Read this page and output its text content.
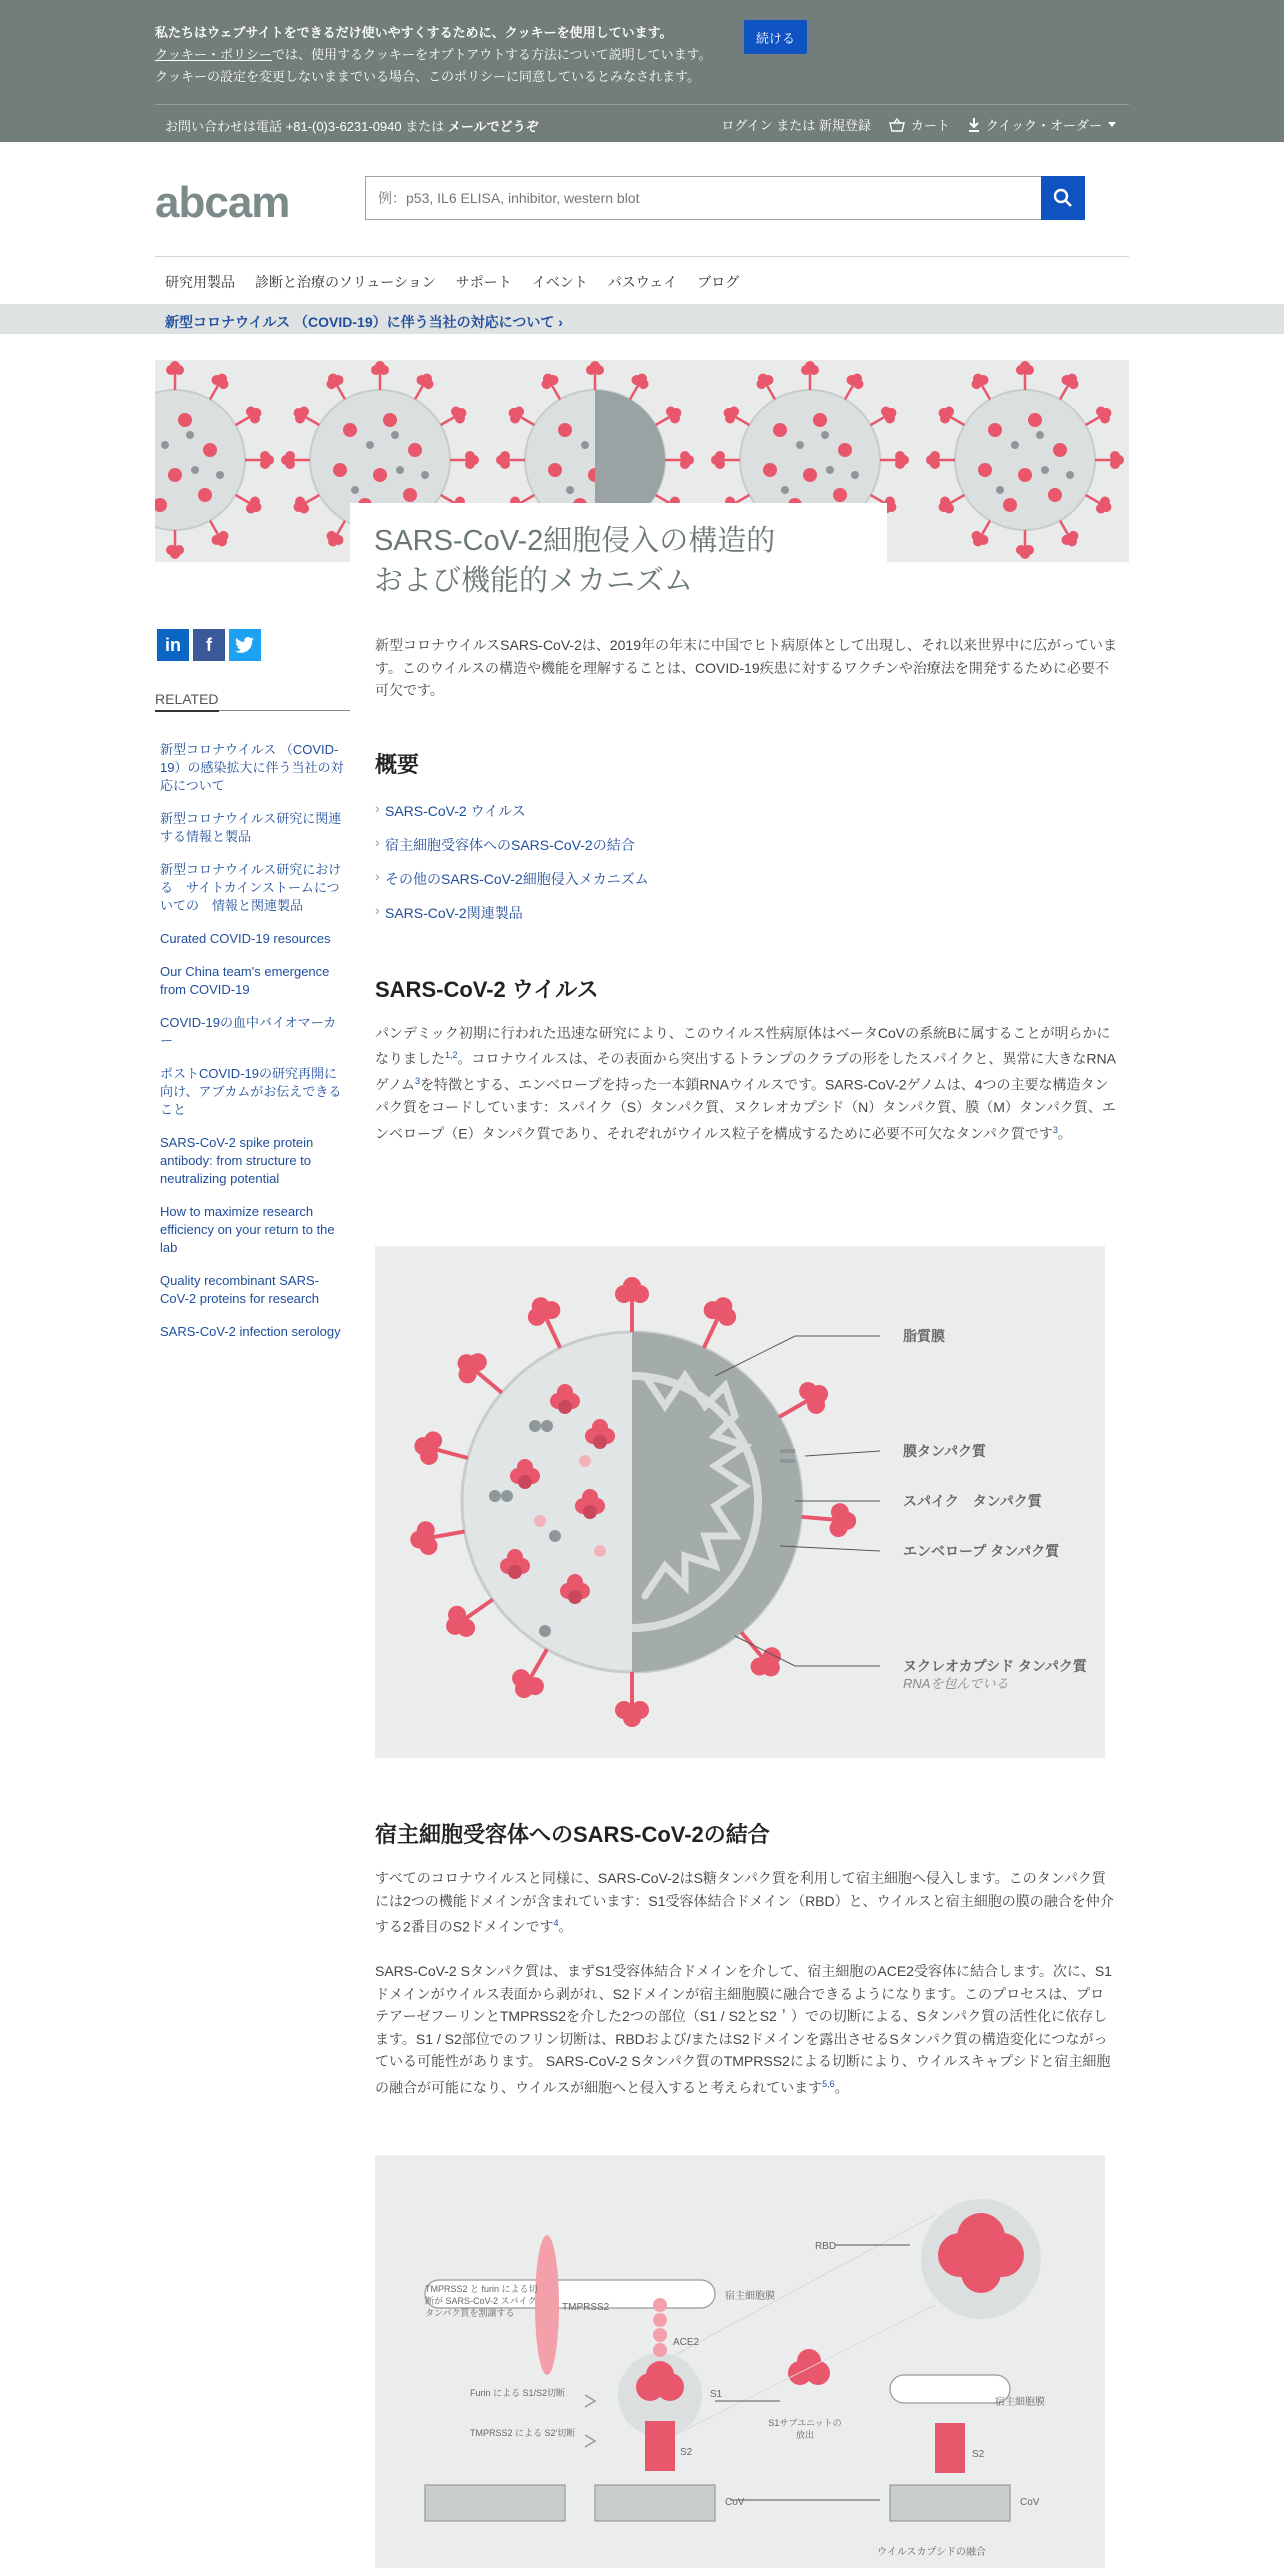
私たちはウェブサイトをできるだけ使いやすくするために、クッキーを使用しています。
クッキー・ポリシーでは、使用するクッキーをオプトアウトする方法について説明しています。
クッキーの設定を変更しないままでいる場合、このポリシーに同意しているとみなされます。
続ける
お問い合わせは電話 +81-(0)3-6231-0940 または メールでどうぞ	ログイン または 新規登録	カート	クイック・オーダー
abcam
例：p53, IL6 ELISA, inhibitor, western blot
研究用製品 診断と治療のソリューション サポート イベント パスウェイ ブログ
新型コロナウイルス （COVID-19）に伴う当社の対応について ›
SARS-CoV-2細胞侵入の構造的
および機能的メカニズム
in	f
RELATED
新型コロナウイルス （COVID-19）の感染拡大に伴う当社の対応について
新型コロナウイルス研究に関連する情報と製品
新型コロナウイルス研究における　サイトカインストームについての　情報と関連製品
Curated COVID-19 resources
Our China team's emergence from COVID-19
COVID-19の血中バイオマーカー
ポストCOVID-19の研究再開に向け、アブカムがお伝えできること
SARS-CoV-2 spike protein antibody: from structure to neutralizing potential
How to maximize research efficiency on your return to the lab
Quality recombinant SARS-CoV-2 proteins for research
SARS-CoV-2 infection serology

新型コロナウイルスSARS-CoV-2は、2019年の年末に中国でヒト病原体として出現し、それ以来世界中に広がっています。このウイルスの構造や機能を理解することは、COVID-19疾患に対するワクチンや治療法を開発するために必要不可欠です。

概要
› SARS-CoV-2 ウイルス
› 宿主細胞受容体へのSARS-CoV-2の結合
› その他のSARS-CoV-2細胞侵入メカニズム
› SARS-CoV-2関連製品
SARS-CoV-2 ウイルス

パンデミック初期に行われた迅速な研究により、このウイルス性病原体はベータCoVの系統Bに属することが明らかになりました$^{1,2}$。コロナウイルスは、その表面から突出するトランプのクラブの形をしたスパイクと、異常に大きなRNAゲノム$^3$を特徴とする、エンベロープを持った一本鎖RNAウイルスです。SARS-CoV-2ゲノムは、4つの主要な構造タンパク質をコードしています：スパイク（S）タンパク質、ヌクレオカプシド（N）タンパク質、膜（M）タンパク質、エンベロープ（E）タンパク質であり、それぞれがウイルス粒子を構成するために必要不可欠なタンパク質です$^3$。

脂質膜
膜タンパク質
スパイク　タンパク質
エンベロープ タンパク質
ヌクレオカプシド タンパク質
RNAを包んでいる
宿主細胞受容体へのSARS-CoV-2の結合

すべてのコロナウイルスと同様に、SARS-CoV-2はS糖タンパク質を利用して宿主細胞へ侵入します。このタンパク質には2つの機能ドメインが含まれています：S1受容体結合ドメイン（RBD）と、ウイルスと宿主細胞の膜の融合を仲介する2番目のS2ドメインです$^4$。

SARS-CoV-2 Sタンパク質は、まずS1受容体結合ドメインを介して、宿主細胞のACE2受容体に結合します。次に、S1ドメインがウイルス表面から剥がれ、S2ドメインが宿主細胞膜に融合できるようになります。このプロセスは、プロテアーゼフーリンとTMPRSS2を介した2つの部位（S1 / S2とS2＇）での切断による、Sタンパク質の活性化に依存します。S1 / S2部位でのフリン切断は、RBDおよび/またはS2ドメインを露出させるSタンパク質の構造変化につながっている可能性があります。 SARS-CoV-2 Sタンパク質のTMPRSS2による切断により、ウイルスキャプシドと宿主細胞の融合が可能になり、ウイルスが細胞へと侵入すると考えられています$^{5,6}$。

宿主細胞膜
RBD
TMPRSS2
ACE2
TMPRSS2 と furin による切断が SARS-CoV-2 スパイクタンパク質を割譲する
Furin による S1/S2切断
TMPRSS2 による S2′切断
S1
S2	S2
S1サブユニットの放出
CoV	CoV
宿主細胞膜
ウイルスカプシドの融合
